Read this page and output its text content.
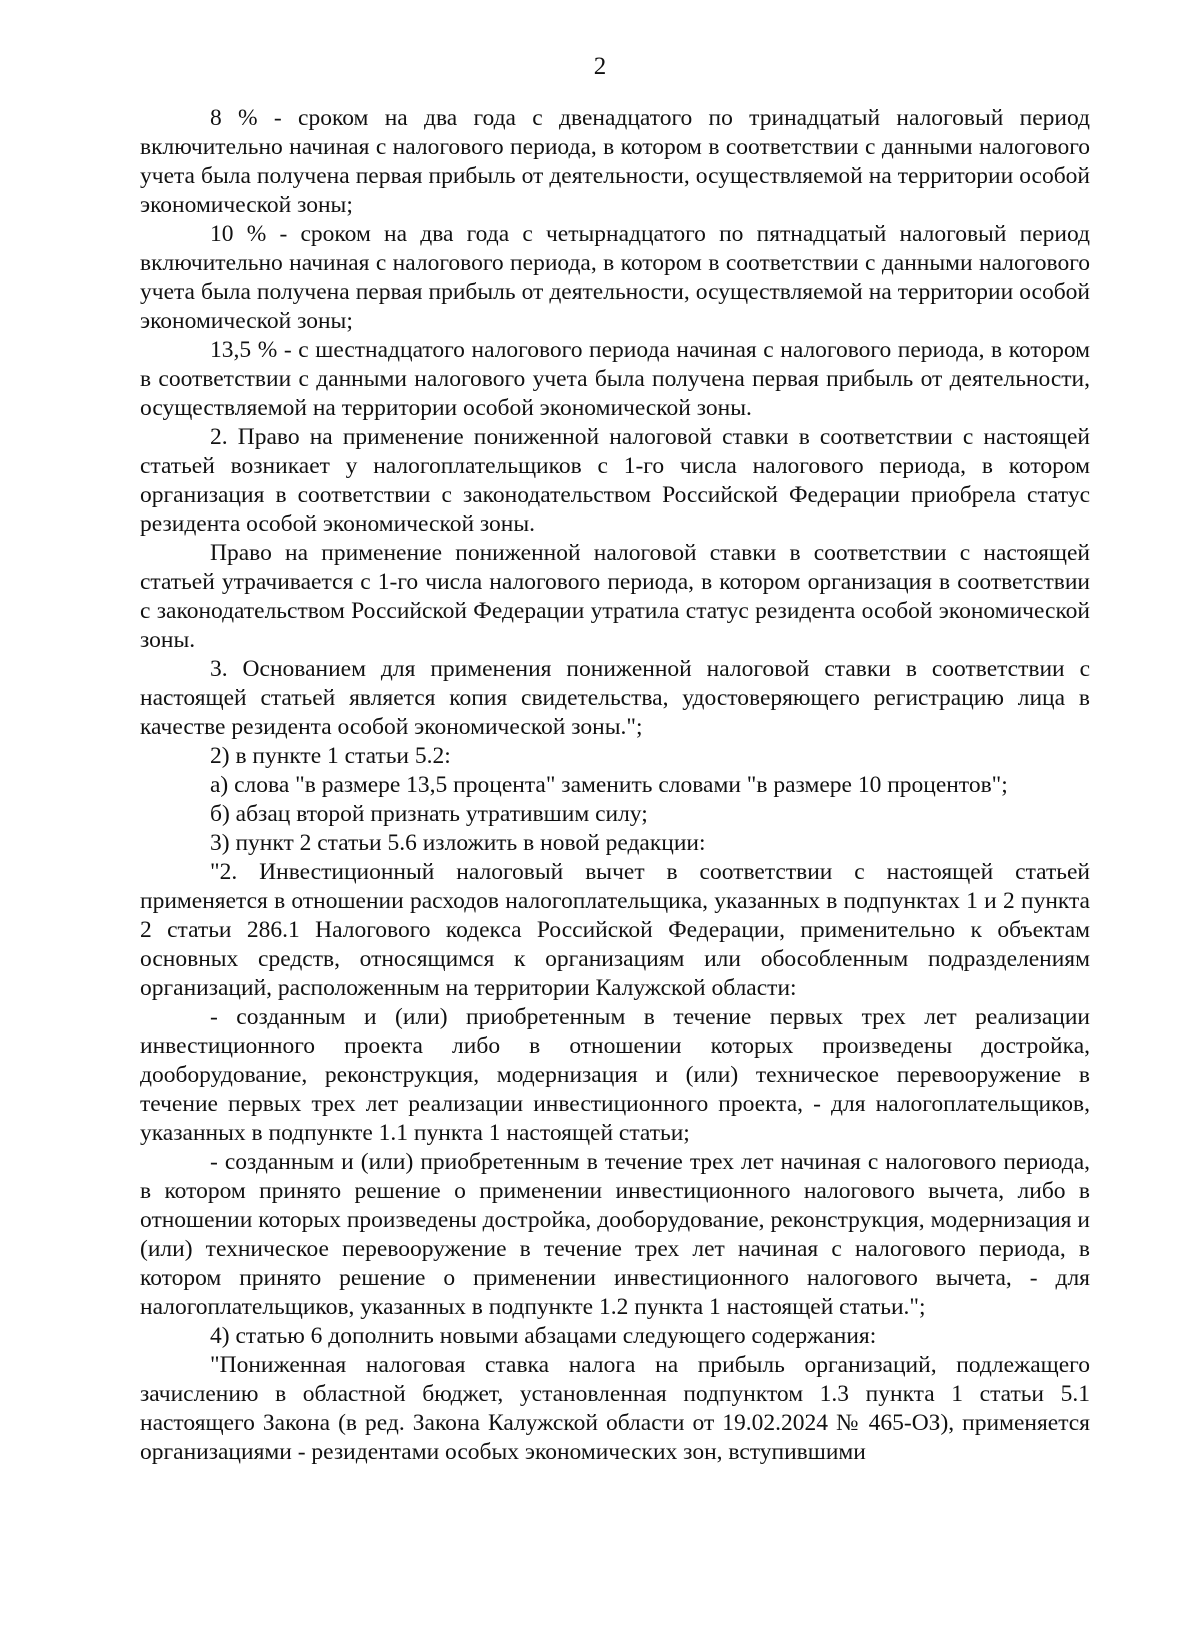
2

8 % - сроком на два года с двенадцатого по тринадцатый налоговый период включительно начиная с налогового периода, в котором в соответствии с данными налогового учета была получена первая прибыль от деятельности, осуществляемой на территории особой экономической зоны;

10 % - сроком на два года с четырнадцатого по пятнадцатый налоговый период включительно начиная с налогового периода, в котором в соответствии с данными налогового учета была получена первая прибыль от деятельности, осуществляемой на территории особой экономической зоны;

13,5 % - с шестнадцатого налогового периода начиная с налогового периода, в котором в соответствии с данными налогового учета была получена первая прибыль от деятельности, осуществляемой на территории особой экономической зоны.

2. Право на применение пониженной налоговой ставки в соответствии с настоящей статьей возникает у налогоплательщиков с 1-го числа налогового периода, в котором организация в соответствии с законодательством Российской Федерации приобрела статус резидента особой экономической зоны.

Право на применение пониженной налоговой ставки в соответствии с настоящей статьей утрачивается с 1-го числа налогового периода, в котором организация в соответствии с законодательством Российской Федерации утратила статус резидента особой экономической зоны.

3. Основанием для применения пониженной налоговой ставки в соответствии с настоящей статьей является копия свидетельства, удостоверяющего регистрацию лица в качестве резидента особой экономической зоны.";

2) в пункте 1 статьи 5.2:

а) слова "в размере 13,5 процента" заменить словами "в размере 10 процентов";

б) абзац второй признать утратившим силу;

3) пункт 2 статьи 5.6 изложить в новой редакции:

"2. Инвестиционный налоговый вычет в соответствии с настоящей статьей применяется в отношении расходов налогоплательщика, указанных в подпунктах 1 и 2 пункта 2 статьи 286.1 Налогового кодекса Российской Федерации, применительно к объектам основных средств, относящимся к организациям или обособленным подразделениям организаций, расположенным на территории Калужской области:

- созданным и (или) приобретенным в течение первых трех лет реализации инвестиционного проекта либо в отношении которых произведены достройка, дооборудование, реконструкция, модернизация и (или) техническое перевооружение в течение первых трех лет реализации инвестиционного проекта, - для налогоплательщиков, указанных в подпункте 1.1 пункта 1 настоящей статьи;

- созданным и (или) приобретенным в течение трех лет начиная с налогового периода, в котором принято решение о применении инвестиционного налогового вычета, либо в отношении которых произведены достройка, дооборудование, реконструкция, модернизация и (или) техническое перевооружение в течение трех лет начиная с налогового периода, в котором принято решение о применении инвестиционного налогового вычета, - для налогоплательщиков, указанных в подпункте 1.2 пункта 1 настоящей статьи.";

4) статью 6 дополнить новыми абзацами следующего содержания:

"Пониженная налоговая ставка налога на прибыль организаций, подлежащего зачислению в областной бюджет, установленная подпунктом 1.3 пункта 1 статьи 5.1 настоящего Закона (в ред. Закона Калужской области от 19.02.2024 № 465-ОЗ), применяется организациями - резидентами особых экономических зон, вступившими
